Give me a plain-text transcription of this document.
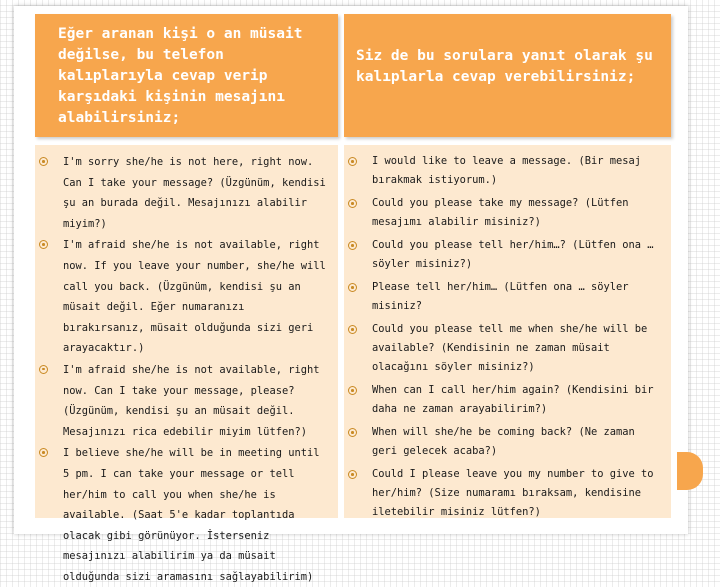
Eğer aranan kişi o an müsait değilse, bu telefon kalıplarıyla cevap verip karşıdaki kişinin mesajını alabilirsiniz;
Siz de bu sorulara yanıt olarak şu kalıplarla cevap verebilirsiniz;
I'm sorry she/he is not here, right now. Can I take your message? (Üzgünüm, kendisi şu an burada değil. Mesajınızı alabilir miyim?)
I'm afraid she/he is not available, right now. If you leave your number, she/he will call you back. (Üzgünüm, kendisi şu an müsait değil. Eğer numaranızı bırakırsanız, müsait olduğunda sizi geri arayacaktır.)
I'm afraid she/he is not available, right now. Can I take your message, please? (Üzgünüm, kendisi şu an müsait değil. Mesajınızı rica edebilir miyim lütfen?)
I believe she/he will be in meeting until 5 pm. I can take your message or tell her/him to call you when she/he is available. (Saat 5'e kadar toplantıda olacak gibi görünüyor. İsterseniz mesajınızı alabilirim ya da müsait olduğunda sizi aramasını sağlayabilirim)
I would like to leave a message. (Bir mesaj bırakmak istiyorum.)
Could you please take my message? (Lütfen mesajımı alabilir misiniz?)
Could you please tell her/him…? (Lütfen ona … söyler misiniz?)
Please tell her/him… (Lütfen ona … söyler misiniz?
Could you please tell me when she/he will be available? (Kendisinin ne zaman müsait olacağını söyler misiniz?)
When can I call her/him again? (Kendisini bir daha ne zaman arayabilirim?)
When will she/he be coming back? (Ne zaman geri gelecek acaba?)
Could I please leave you my number to give to her/him? (Size numaramı bıraksam, kendisine iletebilir misiniz lütfen?)
